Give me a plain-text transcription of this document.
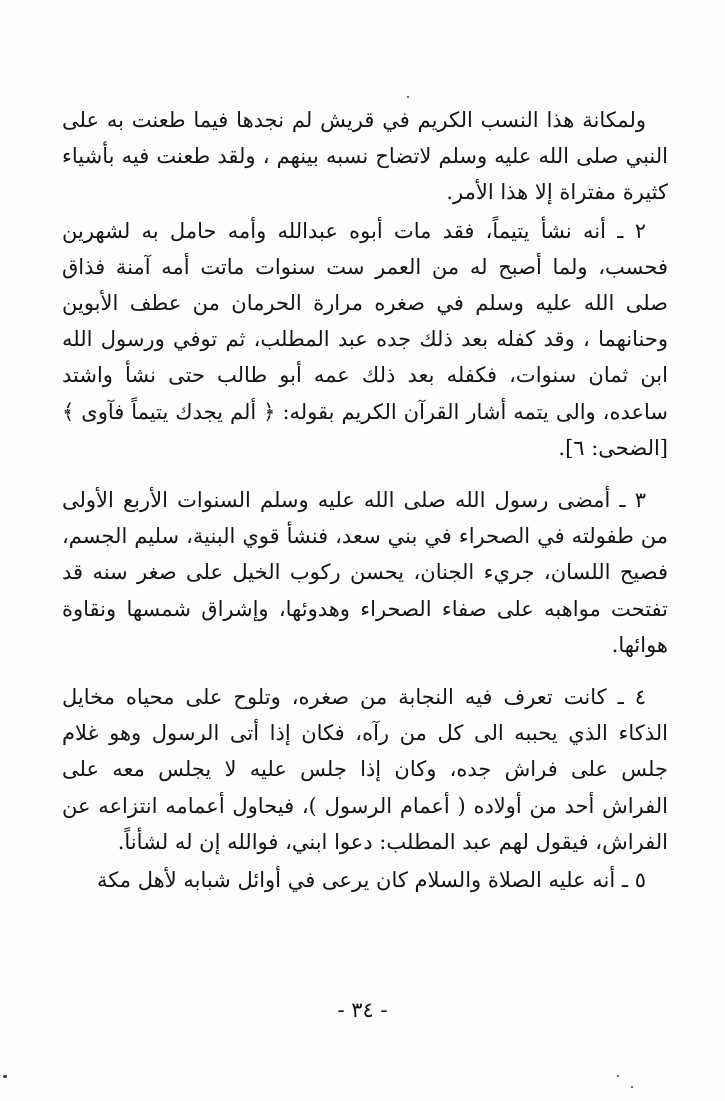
ولمكانة هذا النسب الكريم في قريش لم نجدها فيما طعنت به على النبي صلى الله عليه وسلم لاتضاح نسبه بينهم ، ولقد طعنت فيه بأشياء كثيرة مفتراة إلا هذا الأمر.

٢ ـ أنه نشأ يتيماً، فقد مات أبوه عبدالله وأمه حامل به لشهرين فحسب، ولما أصبح له من العمر ست سنوات ماتت أمه آمنة فذاق صلى الله عليه وسلم في صغره مرارة الحرمان من عطف الأبوين وحنانهما ، وقد كفله بعد ذلك جده عبد المطلب، ثم توفي ورسول الله ابن ثمان سنوات، فكفله بعد ذلك عمه أبو طالب حتى نشأ واشتد ساعده، والى يتمه أشار القرآن الكريم بقوله: ﴿ ألم يجدك يتيماً فآوى ﴾ [الضحى: ٦].

٣ ـ أمضى رسول الله صلى الله عليه وسلم السنوات الأربع الأولى من طفولته في الصحراء في بني سعد، فنشأ قوي البنية، سليم الجسم، فصيح اللسان، جريء الجنان، يحسن ركوب الخيل على صغر سنه قد تفتحت مواهبه على صفاء الصحراء وهدوئها، وإشراق شمسها ونقاوة هوائها.

٤ ـ كانت تعرف فيه النجابة من صغره، وتلوح على محياه مخايل الذكاء الذي يحببه الى كل من رآه، فكان إذا أتى الرسول وهو غلام جلس على فراش جده، وكان إذا جلس عليه لا يجلس معه على الفراش أحد من أولاده ( أعمام الرسول )، فيحاول أعمامه انتزاعه عن الفراش، فيقول لهم عبد المطلب: دعوا ابني، فوالله إن له لشأناً.

٥ ـ أنه عليه الصلاة والسلام كان يرعى في أوائل شبابه لأهل مكة

- ٣٤ -
